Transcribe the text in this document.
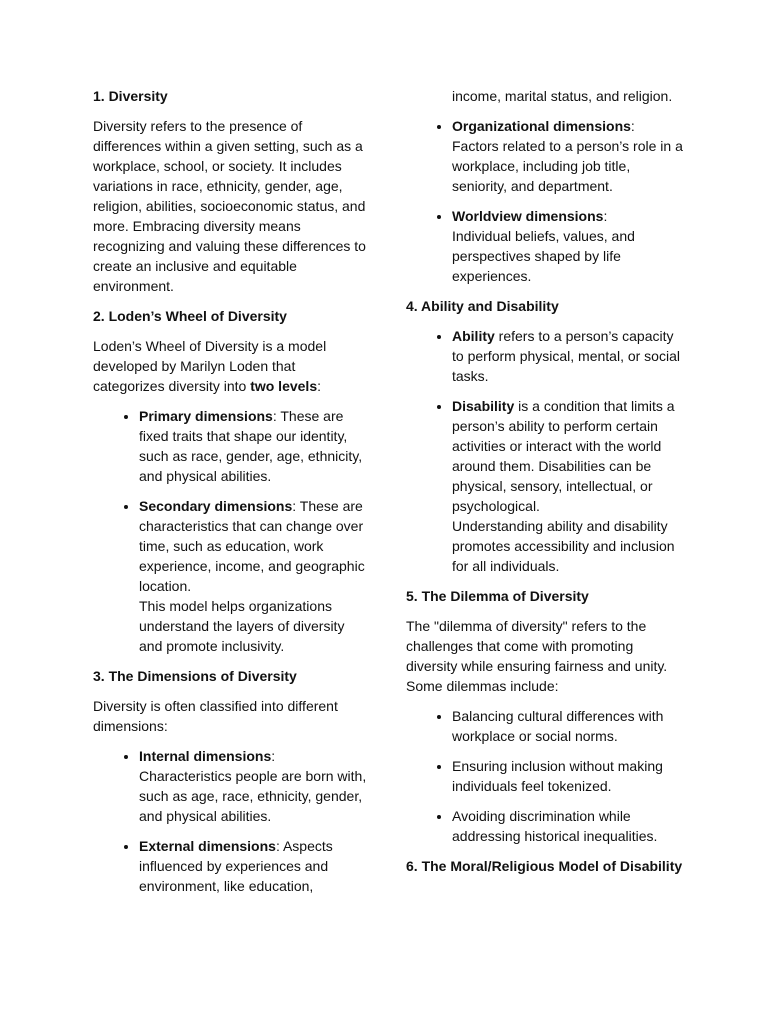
1. Diversity

Diversity refers to the presence of differences within a given setting, such as a workplace, school, or society. It includes variations in race, ethnicity, gender, age, religion, abilities, socioeconomic status, and more. Embracing diversity means recognizing and valuing these differences to create an inclusive and equitable environment.

2. Loden’s Wheel of Diversity

Loden’s Wheel of Diversity is a model developed by Marilyn Loden that categorizes diversity into two levels:

• Primary dimensions: These are fixed traits that shape our identity, such as race, gender, age, ethnicity, and physical abilities.
• Secondary dimensions: These are characteristics that can change over time, such as education, work experience, income, and geographic location.
This model helps organizations understand the layers of diversity and promote inclusivity.
3. The Dimensions of Diversity

Diversity is often classified into different dimensions:

• Internal dimensions:
Characteristics people are born with, such as age, race, ethnicity, gender, and physical abilities.
• External dimensions: Aspects influenced by experiences and environment, like education,
income, marital status, and religion.
• Organizational dimensions:
Factors related to a person’s role in a workplace, including job title, seniority, and department.
• Worldview dimensions:
Individual beliefs, values, and perspectives shaped by life experiences.
4. Ability and Disability
• Ability refers to a person’s capacity to perform physical, mental, or social tasks.
• Disability is a condition that limits a person’s ability to perform certain activities or interact with the world around them. Disabilities can be physical, sensory, intellectual, or psychological.
Understanding ability and disability promotes accessibility and inclusion for all individuals.
5. The Dilemma of Diversity

The "dilemma of diversity" refers to the challenges that come with promoting diversity while ensuring fairness and unity. Some dilemmas include:

• Balancing cultural differences with workplace or social norms.
• Ensuring inclusion without making individuals feel tokenized.
• Avoiding discrimination while addressing historical inequalities.
6. The Moral/Religious Model of Disability
